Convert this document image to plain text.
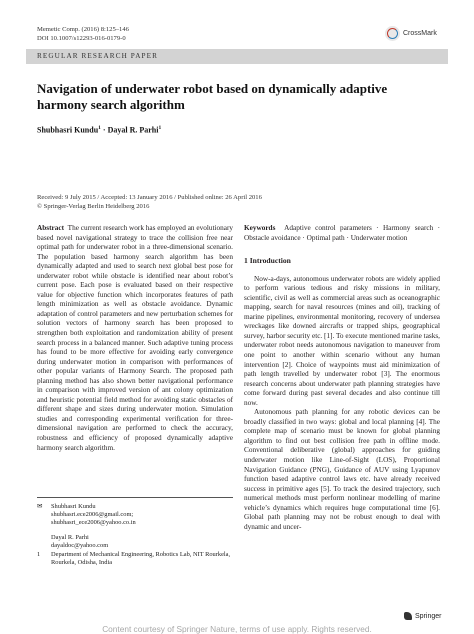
Memetic Comp. (2016) 8:125–146
DOI 10.1007/s12293-016-0179-0
CrossMark
REGULAR RESEARCH PAPER
Navigation of underwater robot based on dynamically adaptive harmony search algorithm
Shubhasri Kundu$^1$ · Dayal R. Parhi$^1$
Received: 9 July 2015 / Accepted: 13 January 2016 / Published online: 26 April 2016
© Springer-Verlag Berlin Heidelberg 2016
Abstract The current research work has employed an evolutionary based novel navigational strategy to trace the collision free near optimal path for underwater robot in a three-dimensional scenario. The population based harmony search algorithm has been dynamically adapted and used to search next global best pose for underwater robot while obstacle is identified near about robot’s current pose. Each pose is evaluated based on their respective value for objective function which incorporates features of path length minimization as well as obstacle avoidance. Dynamic adaptation of control parameters and new perturbation schemes for solution vectors of harmony search has been proposed to strengthen both exploitation and randomization ability of present search process in a balanced manner. Such adaptive tuning process has found to be more effective for avoiding early convergence during underwater motion in comparison with performances of other popular variants of Harmony Search. The proposed path planning method has also shown better navigational performance in comparison with improved version of ant colony optimization and heuristic potential field method for avoiding static obstacles of different shape and sizes during underwater motion. Simulation studies and corresponding experimental verification for three-dimensional navigation are performed to check the accuracy, robustness and efficiency of proposed dynamically adaptive harmony search algorithm.
Keywords Adaptive control parameters · Harmony search · Obstacle avoidance · Optimal path · Underwater motion
1 Introduction
Now-a-days, autonomous underwater robots are widely applied to perform various tedious and risky missions in military, scientific, civil as well as commercial areas such as oceanographic mapping, search for naval resources (mines and oil), tracking of marine pipelines, environmental monitoring, recovery of undersea wreckages like downed aircrafts or trapped ships, geographical survey, harbor security etc. [1]. To execute mentioned marine tasks, underwater robot needs autonomous navigation to maneuver from one point to another within scenario without any human intervention [2]. Choice of waypoints must aid minimization of path length travelled by underwater robot [3]. The enormous research concerns about underwater path planning strategies have come forward during past several decades and also continue till now.
Autonomous path planning for any robotic devices can be broadly classified in two ways: global and local planning [4]. The complete map of scenario must be known for global planning algorithm to find out best collision free path in offline mode. Conventional deliberative (global) approaches for guiding underwater motion like Line-of-Sight (LOS), Proportional Navigation Guidance (PNG), Guidance of AUV using Lyapunov function based adaptive control laws etc. have already received success in primitive ages [5]. To track the desired trajectory, such numerical methods must perform nonlinear modelling of marine vehicle’s dynamics which requires huge computational time [6]. Global path planning may not be robust enough to deal with dynamic and uncer-
✉	Shubhasri Kundu
shubhasri.ece2006@gmail.com;
shubhasri_ece2006@yahoo.co.in
Dayal R. Parhi
dayaldoc@yahoo.com
1	Department of Mechanical Engineering, Robotics Lab, NIT Rourkela, Rourkela, Odisha, India
Springer
Content courtesy of Springer Nature, terms of use apply. Rights reserved.
